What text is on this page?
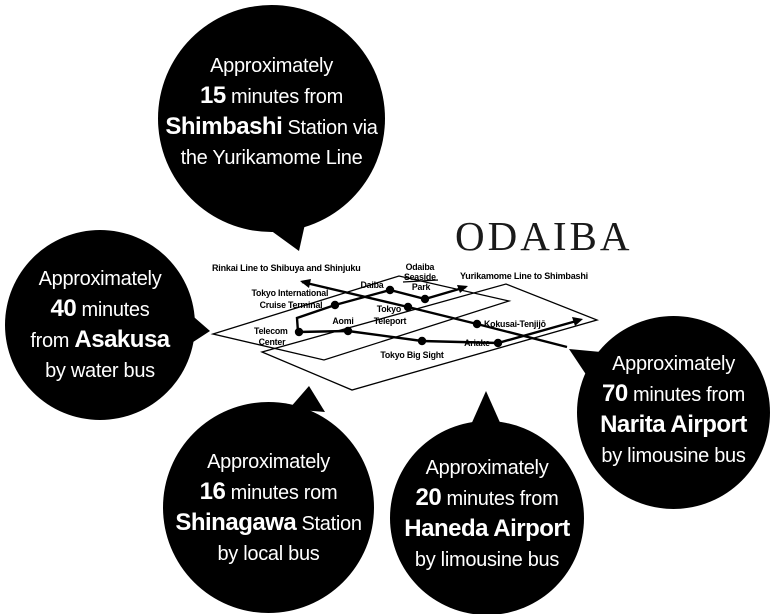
Rinkai Line to Shibuya and Shinjuku
Yurikamome Line to Shimbashi
Daiba
Odaiba Seaside Park
Tokyo International Cruise Terminal
Telecom Center
Aomi
Tokyo Teleport
Tokyo Big Sight
Ariake
Kokusai-Tenjijō
ODAIBA
Approximately
15 minutes from
Shimbashi Station via
the Yurikamome Line
Approximately
40 minutes
from Asakusa
by water bus
Approximately
16 minutes rom
Shinagawa Station
by local bus
Approximately
20 minutes from
Haneda Airport
by limousine bus
Approximately
70 minutes from
Narita Airport
by limousine bus
